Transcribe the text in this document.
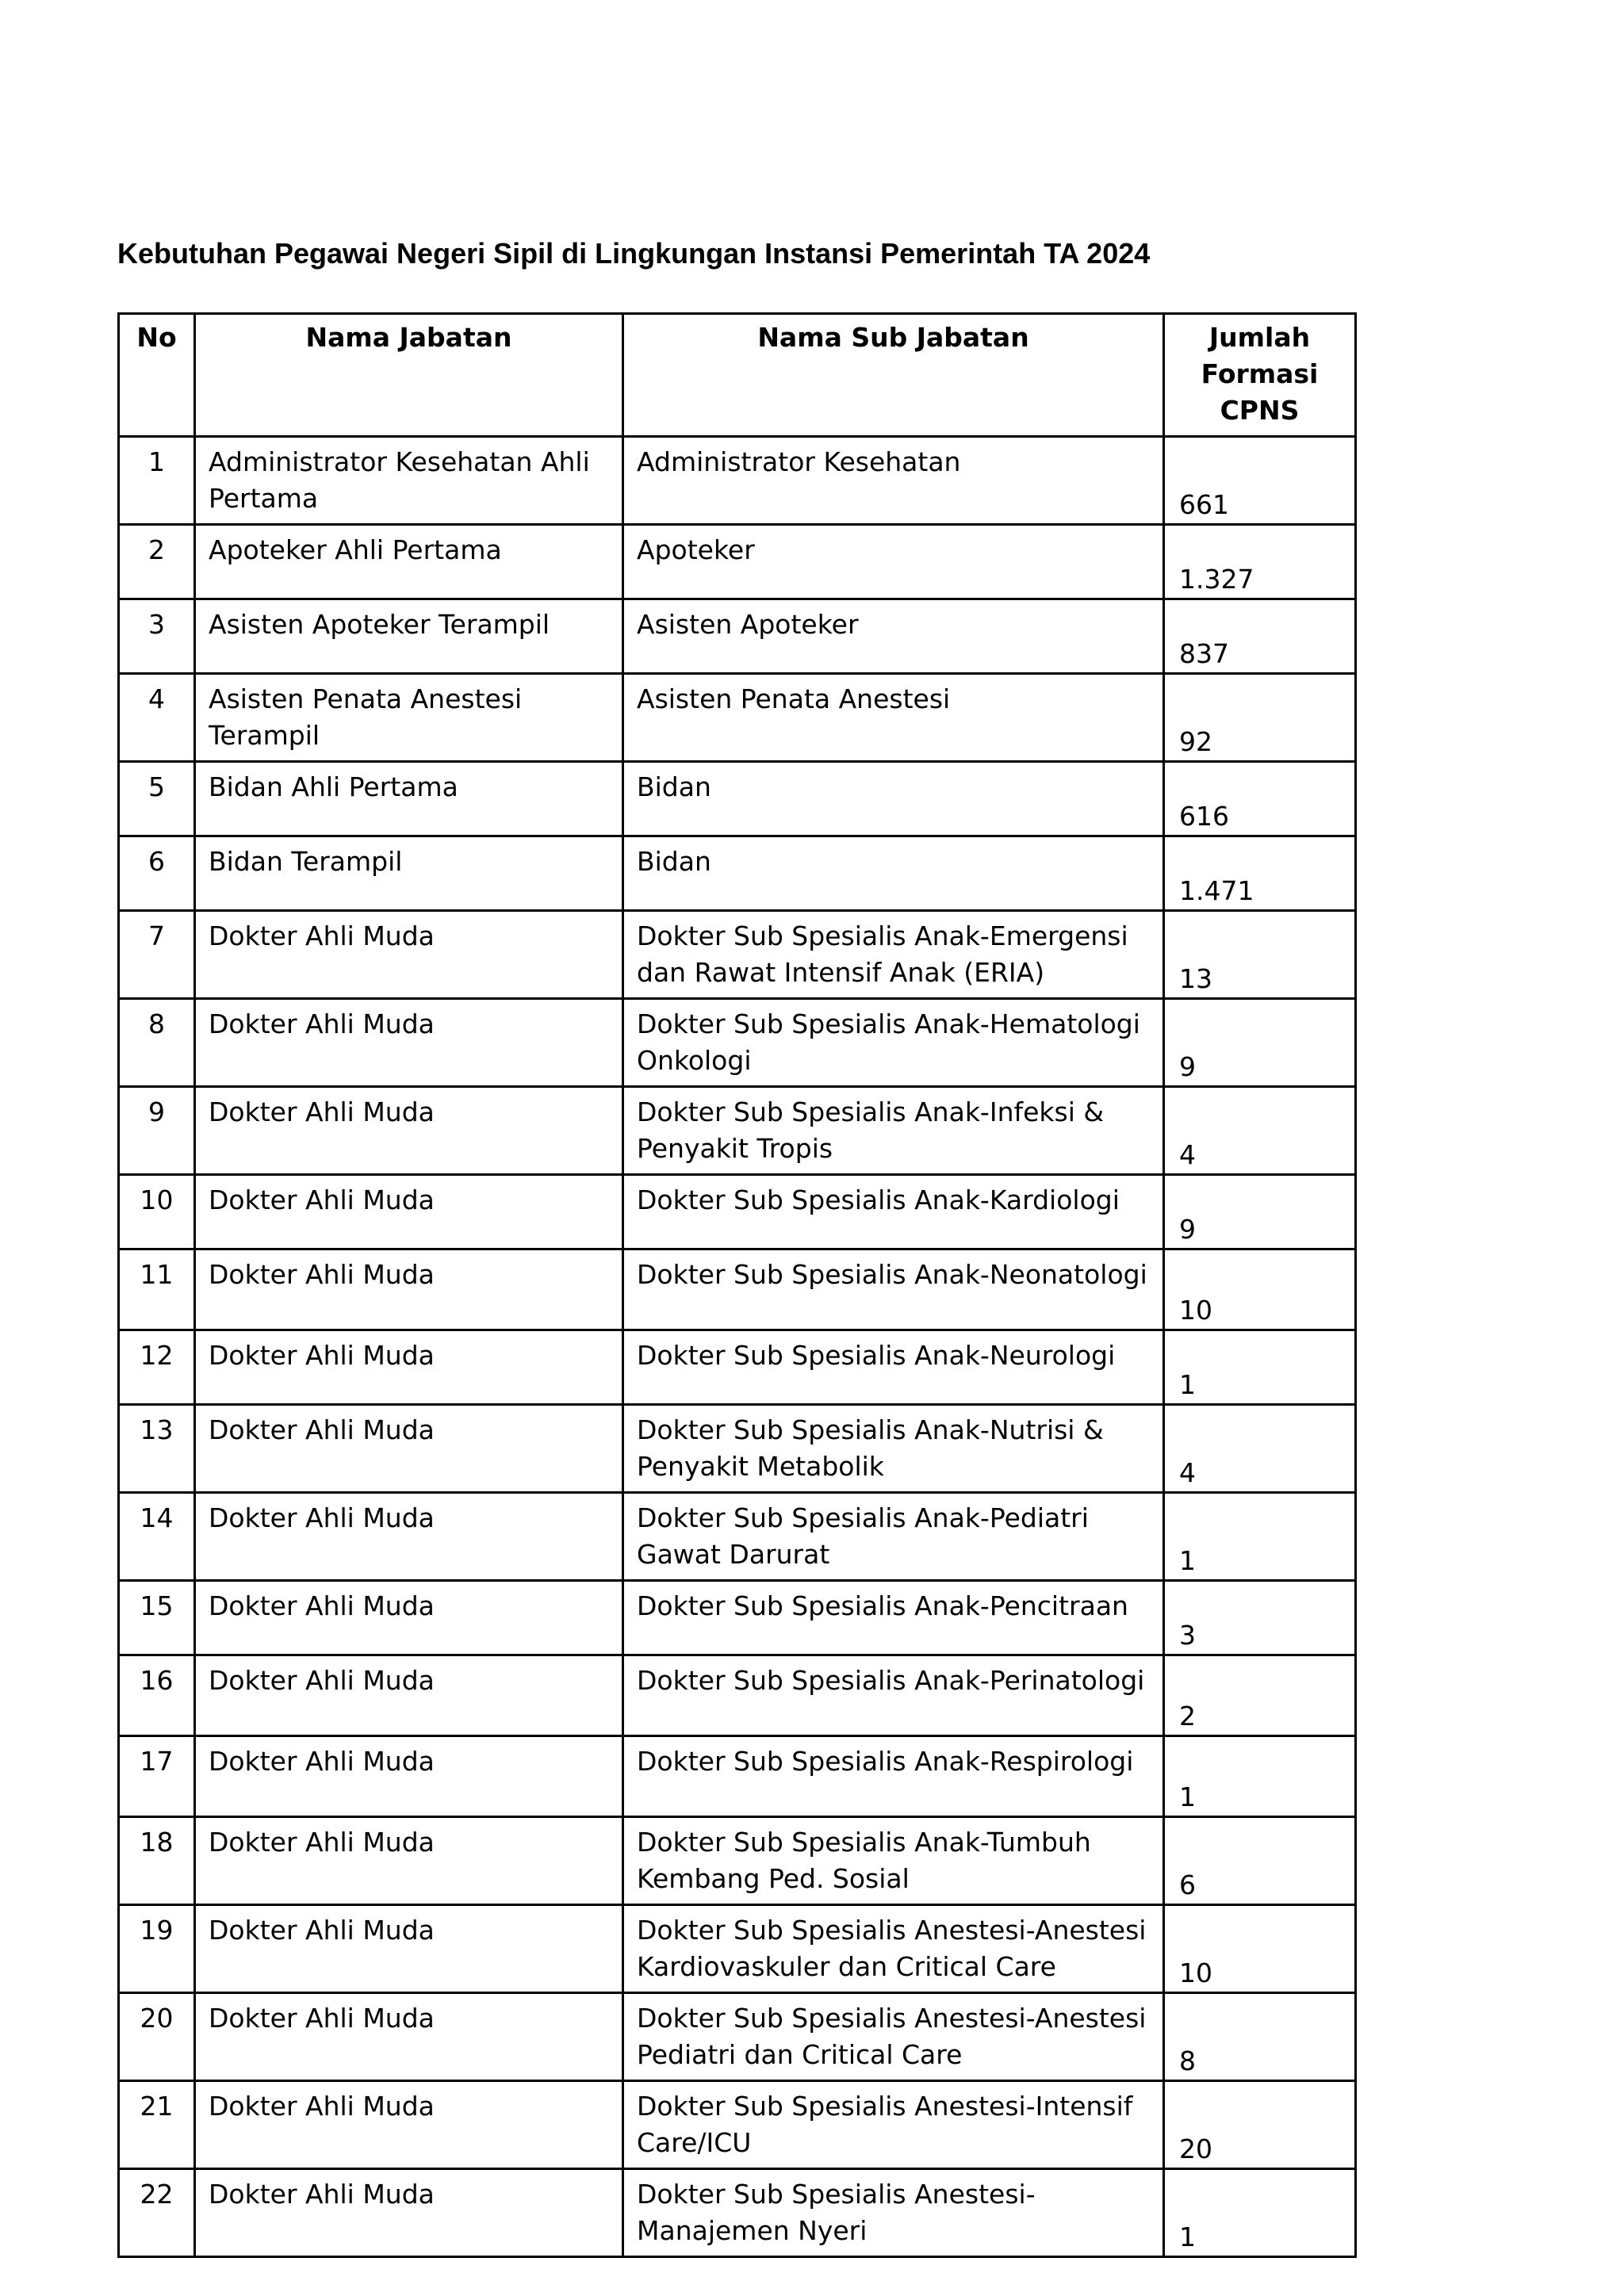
Kebutuhan Pegawai Negeri Sipil di Lingkungan Instansi Pemerintah TA 2024
No	Nama Jabatan	Nama Sub Jabatan	Jumlah Formasi CPNS
1	Administrator Kesehatan Ahli Pertama	Administrator Kesehatan	661
2	Apoteker Ahli Pertama	Apoteker	1.327
3	Asisten Apoteker Terampil	Asisten Apoteker	837
4	Asisten Penata Anestesi Terampil	Asisten Penata Anestesi	92
5	Bidan Ahli Pertama	Bidan	616
6	Bidan Terampil	Bidan	1.471
7	Dokter Ahli Muda	Dokter Sub Spesialis Anak-Emergensi dan Rawat Intensif Anak (ERIA)	13
8	Dokter Ahli Muda	Dokter Sub Spesialis Anak-Hematologi Onkologi	9
9	Dokter Ahli Muda	Dokter Sub Spesialis Anak-Infeksi & Penyakit Tropis	4
10	Dokter Ahli Muda	Dokter Sub Spesialis Anak-Kardiologi	9
11	Dokter Ahli Muda	Dokter Sub Spesialis Anak-Neonatologi	10
12	Dokter Ahli Muda	Dokter Sub Spesialis Anak-Neurologi	1
13	Dokter Ahli Muda	Dokter Sub Spesialis Anak-Nutrisi & Penyakit Metabolik	4
14	Dokter Ahli Muda	Dokter Sub Spesialis Anak-Pediatri Gawat Darurat	1
15	Dokter Ahli Muda	Dokter Sub Spesialis Anak-Pencitraan	3
16	Dokter Ahli Muda	Dokter Sub Spesialis Anak-Perinatologi	2
17	Dokter Ahli Muda	Dokter Sub Spesialis Anak-Respirologi	1
18	Dokter Ahli Muda	Dokter Sub Spesialis Anak-Tumbuh Kembang Ped. Sosial	6
19	Dokter Ahli Muda	Dokter Sub Spesialis Anestesi-Anestesi Kardiovaskuler dan Critical Care	10
20	Dokter Ahli Muda	Dokter Sub Spesialis Anestesi-Anestesi Pediatri dan Critical Care	8
21	Dokter Ahli Muda	Dokter Sub Spesialis Anestesi-Intensif Care/ICU	20
22	Dokter Ahli Muda	Dokter Sub Spesialis Anestesi-Manajemen Nyeri	1
